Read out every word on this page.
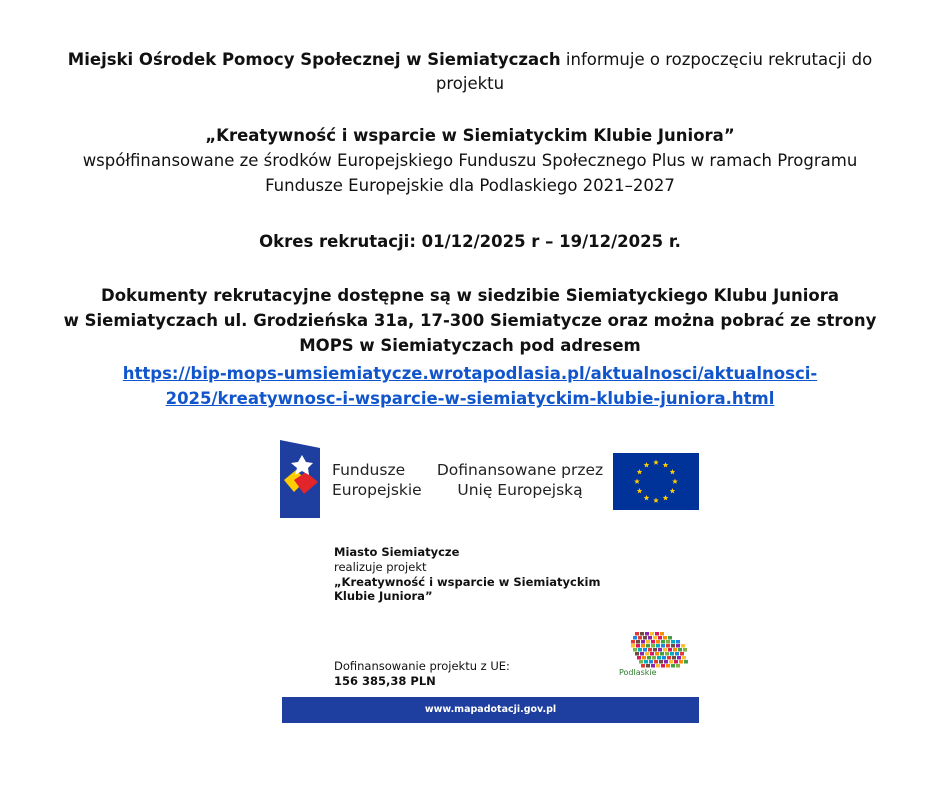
Miejski Ośrodek Pomocy Społecznej w Siemiatyczach informuje o rozpoczęciu rekrutacji do
projektu
„Kreatywność i wsparcie w Siemiatyckim Klubie Juniora”
współfinansowane ze środków Europejskiego Funduszu Społecznego Plus w ramach Programu
Fundusze Europejskie dla Podlaskiego 2021–2027
Okres rekrutacji: 01/12/2025 r – 19/12/2025 r.
Dokumenty rekrutacyjne dostępne są w siedzibie Siemiatyckiego Klubu Juniora
w Siemiatyczach ul. Grodzieńska 31a, 17-300 Siemiatycze oraz można pobrać ze strony
MOPS w Siemiatyczach pod adresem
https://bip-mops-umsiemiatycze.wrotapodlasia.pl/aktualnosci/aktualnosci-
2025/kreatywnosc-i-wsparcie-w-siemiatyckim-klubie-juniora.html
Fundusze
Europejskie
Dofinansowane przez
Unię Europejską
Miasto Siemiatycze
realizuje projekt
„Kreatywność i wsparcie w Siemiatyckim Klubie Juniora”
Dofinansowanie projektu z UE:
156 385,38 PLN
Podlaskie
www.mapadotacji.gov.pl
